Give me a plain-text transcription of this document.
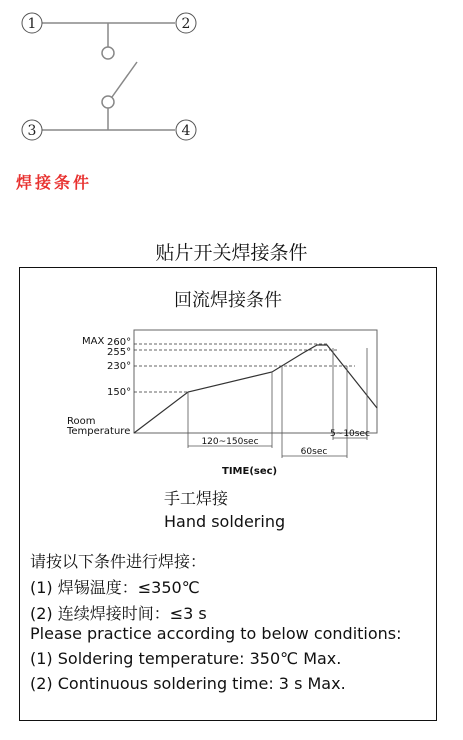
1	2
3	4
焊接条件
贴片开关焊接条件
回流焊接条件
MAX 260°
255°
230°
150°
Room
Temperature
120~150sec
60sec
5~10sec
TIME(sec)
手工焊接
Hand soldering
请按以下条件进行焊接：
(1) 焊锡温度：≤350℃
(2) 连续焊接时间：≤3 s
Please practice according to below conditions:
(1) Soldering temperature: 350℃ Max.
(2) Continuous soldering time: 3 s Max.
